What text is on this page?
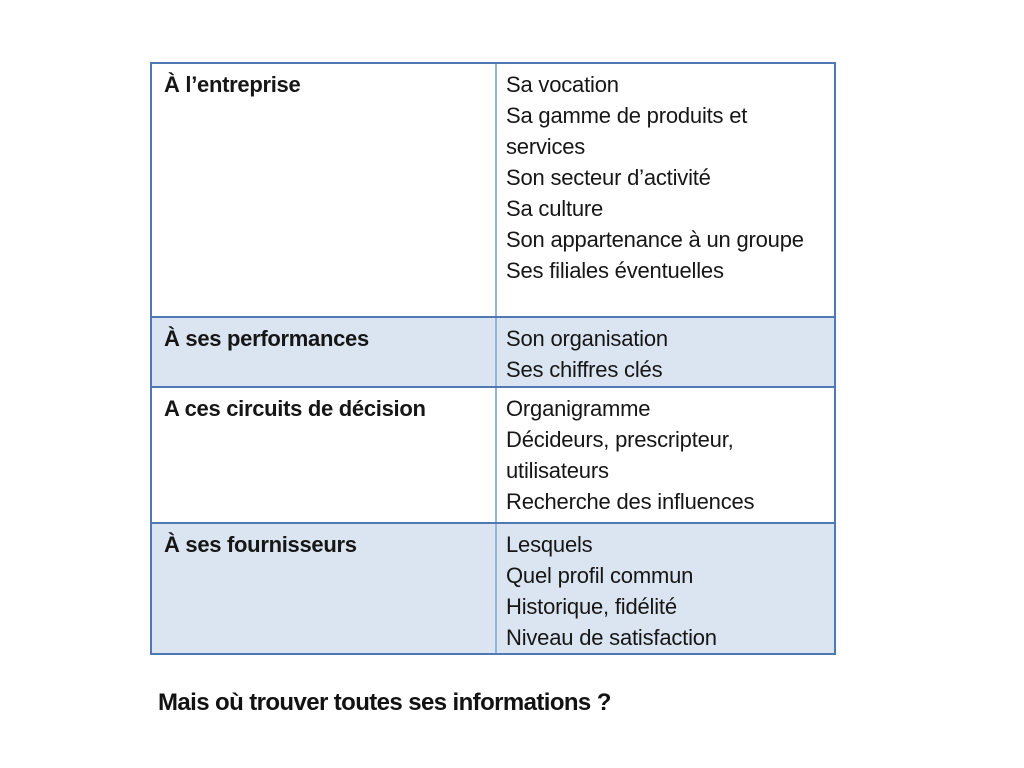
À l’entreprise	Sa vocation
Sa gamme de produits et
services
Son secteur d’activité
Sa culture
Son appartenance à un groupe
Ses filiales éventuelles
À ses performances	Son organisation
Ses chiffres clés
A ces circuits de décision	Organigramme
Décideurs, prescripteur,
utilisateurs
Recherche des influences
À ses fournisseurs	Lesquels
Quel profil commun
Historique, fidélité
Niveau de satisfaction
Mais où trouver toutes ses informations ?
